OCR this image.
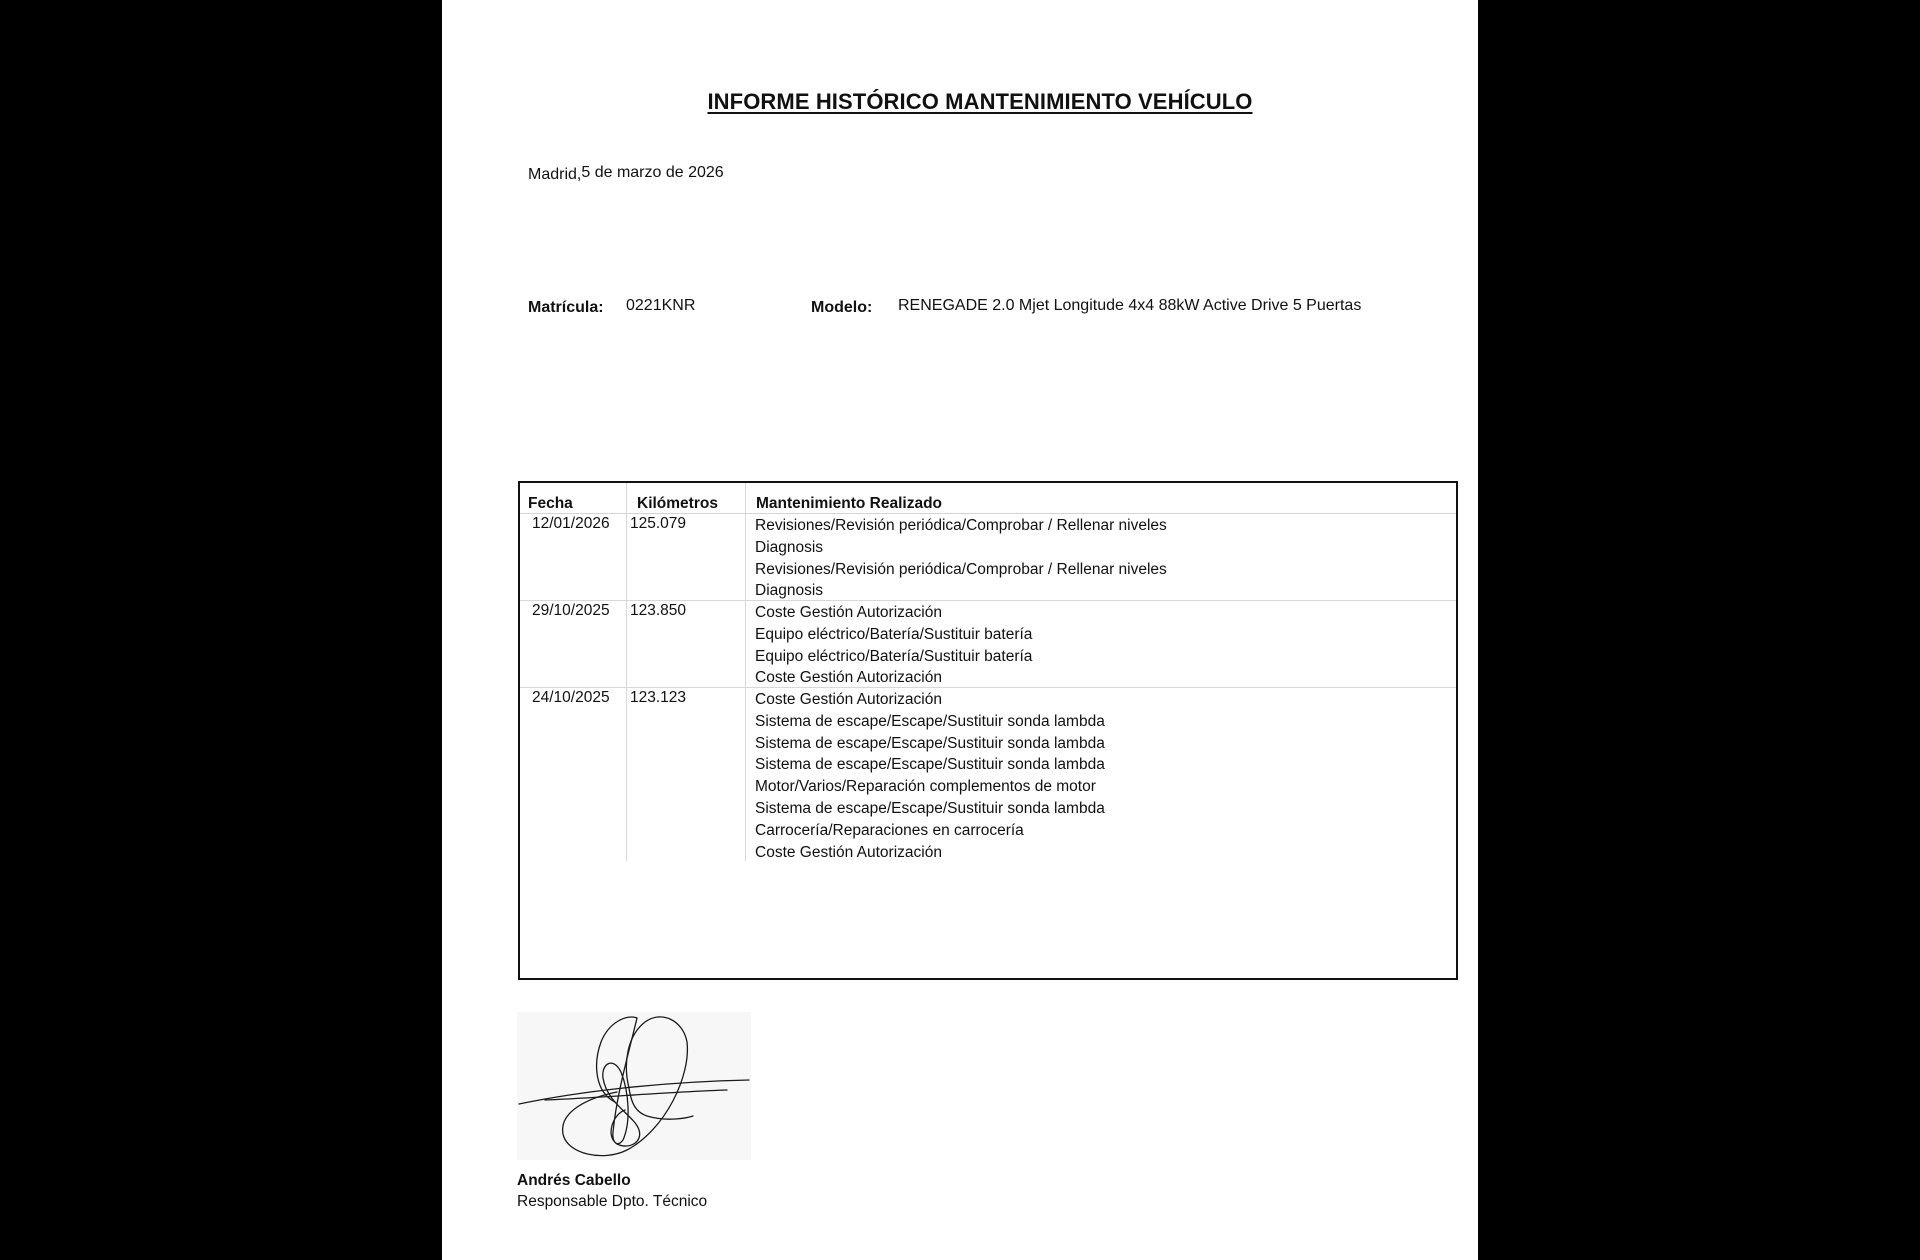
INFORME HISTÓRICO MANTENIMIENTO VEHÍCULO
Madrid,5 de marzo de 2026
Matrícula: 0221KNR	Modelo: RENEGADE 2.0 Mjet Longitude 4x4 88kW Active Drive 5 Puertas
Fecha	Kilómetros Mantenimiento Realizado
12/01/2026 125.079	Revisiones/Revisión periódica/Comprobar / Rellenar niveles
Diagnosis
Revisiones/Revisión periódica/Comprobar / Rellenar niveles
Diagnosis
29/10/2025 123.850	Coste Gestión Autorización
Equipo eléctrico/Batería/Sustituir batería
Equipo eléctrico/Batería/Sustituir batería
Coste Gestión Autorización
24/10/2025 123.123	Coste Gestión Autorización
Sistema de escape/Escape/Sustituir sonda lambda
Sistema de escape/Escape/Sustituir sonda lambda
Sistema de escape/Escape/Sustituir sonda lambda
Motor/Varios/Reparación complementos de motor
Sistema de escape/Escape/Sustituir sonda lambda
Carrocería/Reparaciones en carrocería
Coste Gestión Autorización
Andrés Cabello
Responsable Dpto. Técnico
